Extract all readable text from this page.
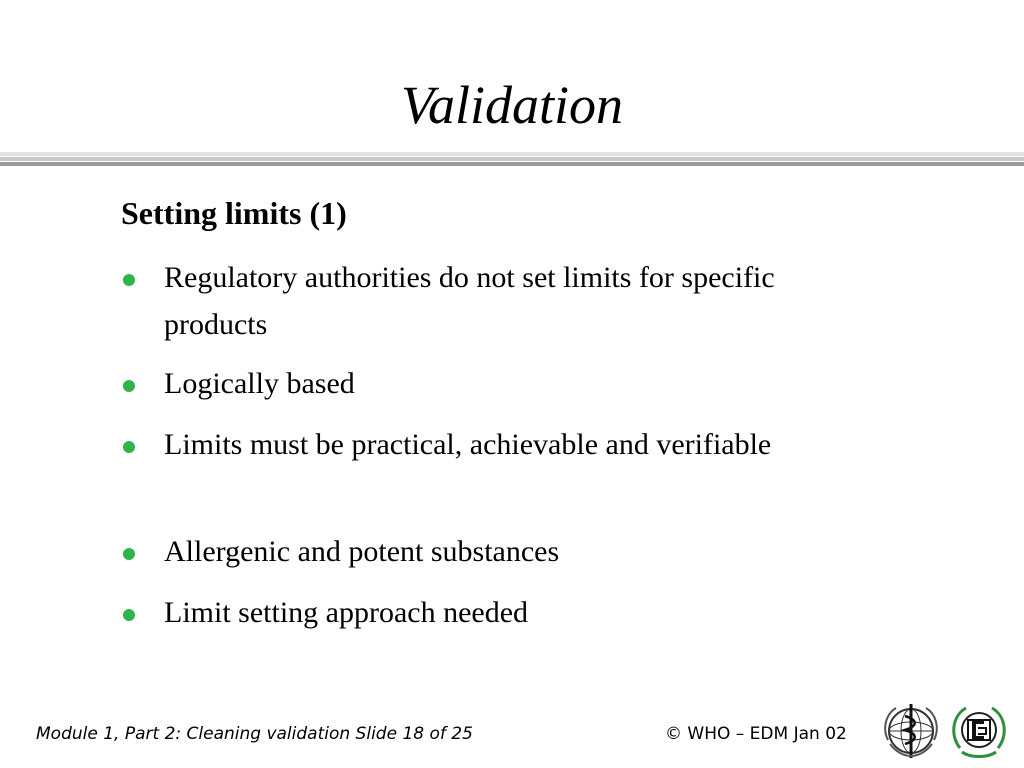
Validation
Setting limits (1)
Regulatory authorities do not set limits for specific products
Logically based
Limits must be practical, achievable and verifiable
Allergenic and potent substances
Limit setting approach needed
Module 1, Part 2: Cleaning validation Slide 18 of 25	© WHO – EDM Jan 02
